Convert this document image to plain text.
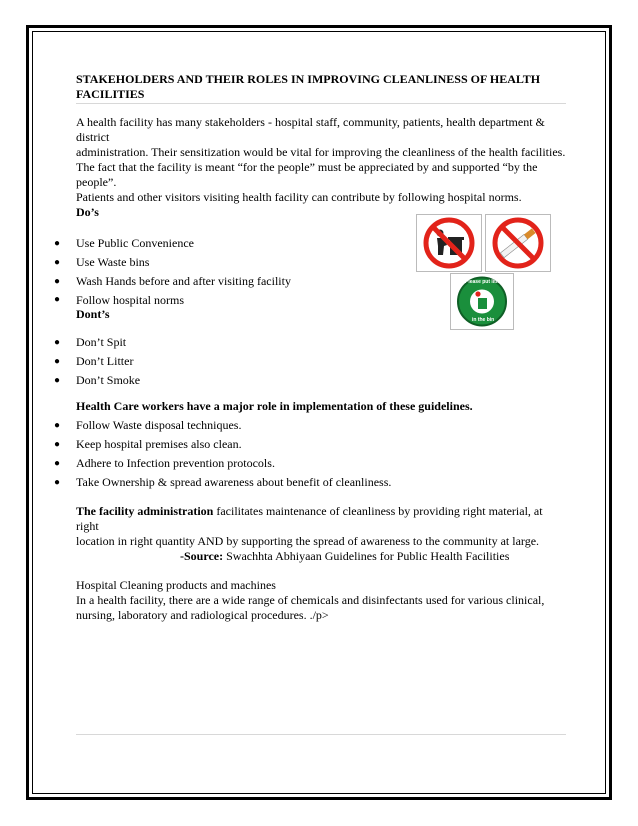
STAKEHOLDERS AND THEIR ROLES IN IMPROVING CLEANLINESS OF HEALTH FACILITIES

A health facility has many stakeholders - hospital staff, community, patients, health department & district

administration. Their sensitization would be vital for improving the cleanliness of the health facilities.

The fact that the facility is meant “for the people” must be appreciated by and supported “by the people”.

Patients and other visitors visiting health facility can contribute by following hospital norms.

Do’s

● Use Public Convenience
● Use Waste bins
● Wash Hands before and after visiting facility
● Follow hospital norms

Dont’s

● Don’t Spit
● Don’t Litter
● Don’t Smoke

Health Care workers have a major role in implementation of these guidelines.

● Follow Waste disposal techniques.
● Keep hospital premises also clean.
● Adhere to Infection prevention protocols.
● Take Ownership & spread awareness about benefit of cleanliness.

The facility administration facilitates maintenance of cleanliness by providing right material, at right

location in right quantity AND by supporting the spread of awareness to the community at large.

-Source: Swachhta Abhiyaan Guidelines for Public Health Facilities

Hospital Cleaning products and machines

In a health facility, there are a wide range of chemicals and disinfectants used for various clinical,

nursing, laboratory and radiological procedures. ./p>

Please put litter
in the bin
